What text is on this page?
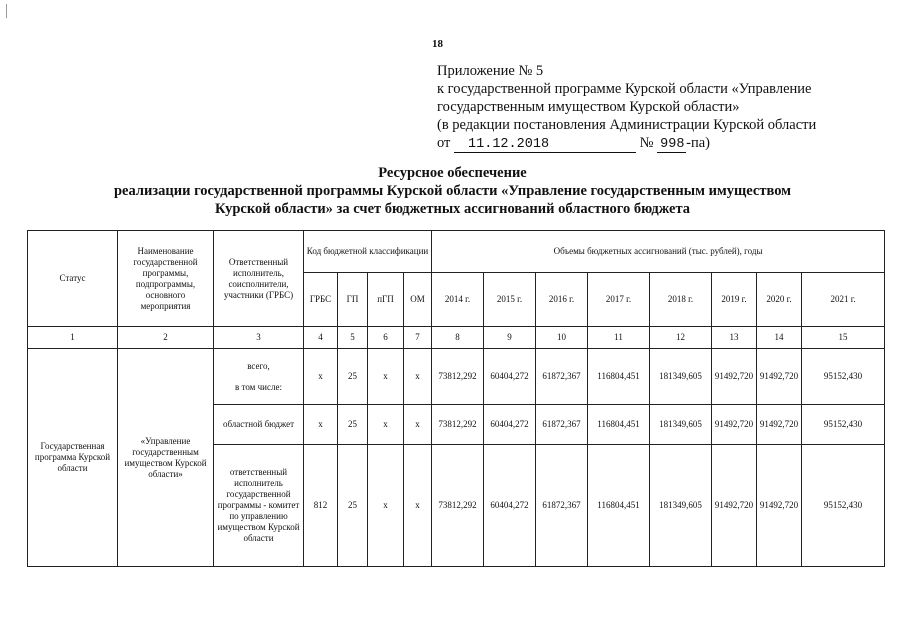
18
Приложение № 5
к государственной программе Курской области «Управление
государственным имуществом Курской области»
(в редакции постановления Администрации Курской области
от 11.12.2018	№ 998 -па)
Ресурсное обеспечение
реализации государственной программы Курской области «Управление государственным имуществом
Курской области» за счет бюджетных ассигнований областного бюджета
Статус	Наименование государственной программы, подпрограммы, основного мероприятия	Ответственный исполнитель, соисполнители, участники (ГРБС)	Код бюджетной классификации				Объемы бюджетных ассигнований (тыс. рублей), годы							
			ГРБС	ГП	пГП	ОМ	2014 г.	2015 г.	2016 г.	2017 г.	2018 г.	2019 г.	2020 г.	2021 г.
1	2	3	4	5	6	7	8	9	10	11	12	13	14	15
Государственная программа Курской области	«Управление государственным имуществом Курской области»	всего,
в том числе:	x	25	x	x	73812,292	60404,272	61872,367	116804,451	181349,605	91492,720	91492,720	95152,430
		областной бюджет	x	25	x	x	73812,292	60404,272	61872,367	116804,451	181349,605	91492,720	91492,720	95152,430
		ответственный исполнитель государственной программы - комитет по управлению имуществом Курской области	812	25	x	x	73812,292	60404,272	61872,367	116804,451	181349,605	91492,720	91492,720	95152,430
